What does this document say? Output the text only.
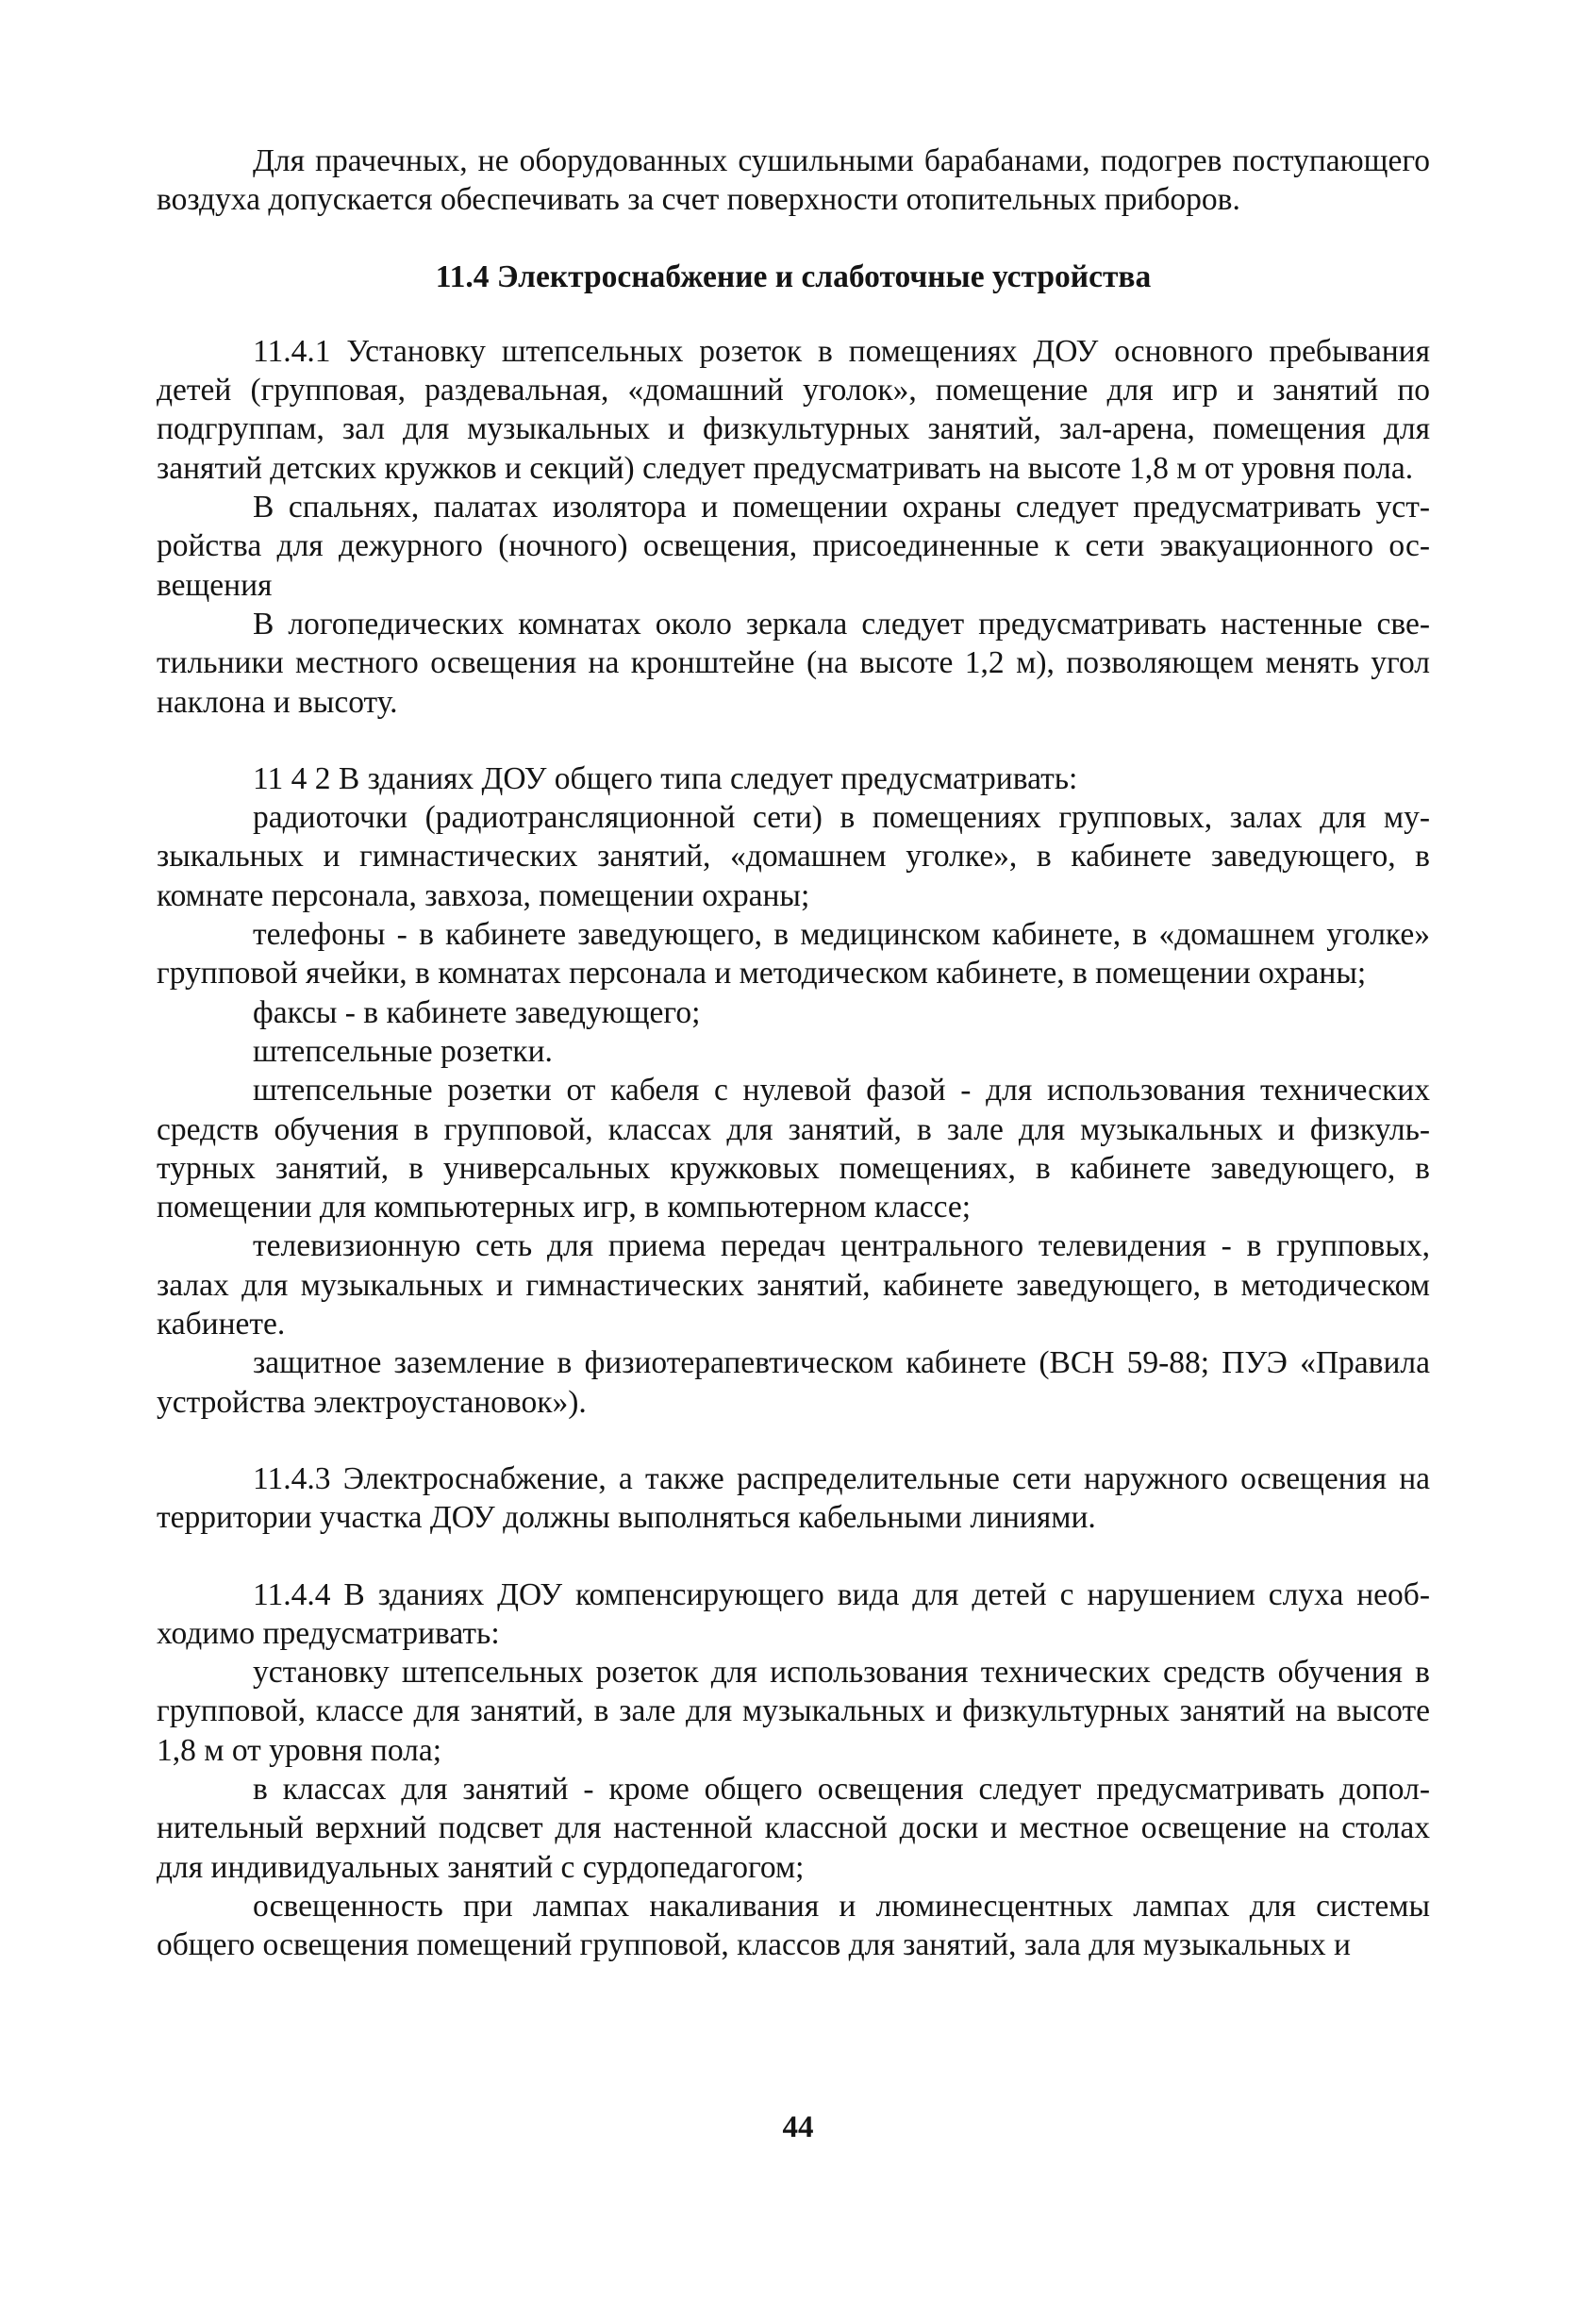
Для прачечных, не оборудованных сушильными барабанами, подогрев поступающего воздуха допускается обеспечивать за счет поверхности отопительных приборов.

11.4 Электроснабжение и слаботочные устройства

11.4.1 Установку штепсельных розеток в помещениях ДОУ основного пребывания детей (групповая, раздевальная, «домашний уголок», помещение для игр и занятий по подгруппам, зал для музыкальных и физкультурных занятий, зал-арена, помещения для занятий детских кружков и секций) следует предусматривать на высоте 1,8 м от уровня пола.

В спальнях, палатах изолятора и помещении охраны следует предусматривать устройства для дежурного (ночного) освещения, присоединенные к сети эвакуационного освещения

В логопедических комнатах около зеркала следует предусматривать настенные светильники местного освещения на кронштейне (на высоте 1,2 м), позволяющем менять угол наклона и высоту.

11 4 2 В зданиях ДОУ общего типа следует предусматривать:

радиоточки (радиотрансляционной сети) в помещениях групповых, залах для музыкальных и гимнастических занятий, «домашнем уголке», в кабинете заведующего, в комнате персонала, завхоза, помещении охраны;

телефоны - в кабинете заведующего, в медицинском кабинете, в «домашнем уголке» групповой ячейки, в комнатах персонала и методическом кабинете, в помещении охраны;

факсы - в кабинете заведующего;

штепсельные розетки.

штепсельные розетки от кабеля с нулевой фазой - для использования технических средств обучения в групповой, классах для занятий, в зале для музыкальных и физкультурных занятий, в универсальных кружковых помещениях, в кабинете заведующего, в помещении для компьютерных игр, в компьютерном классе;

телевизионную сеть для приема передач центрального телевидения - в групповых, залах для музыкальных и гимнастических занятий, кабинете заведующего, в методическом кабинете.

защитное заземление в физиотерапевтическом кабинете (ВСН 59-88; ПУЭ «Правила устройства электроустановок»).

11.4.3 Электроснабжение, а также распределительные сети наружного освещения на территории участка ДОУ должны выполняться кабельными линиями.

11.4.4 В зданиях ДОУ компенсирующего вида для детей с нарушением слуха необходимо предусматривать:

установку штепсельных розеток для использования технических средств обучения в групповой, классе для занятий, в зале для музыкальных и физкультурных занятий на высоте 1,8 м от уровня пола;

в классах для занятий - кроме общего освещения следует предусматривать дополнительный верхний подсвет для настенной классной доски и местное освещение на столах для индивидуальных занятий с сурдопедагогом;

освещенность при лампах накаливания и люминесцентных лампах для системы общего освещения помещений групповой, классов для занятий, зала для музыкальных и

44
